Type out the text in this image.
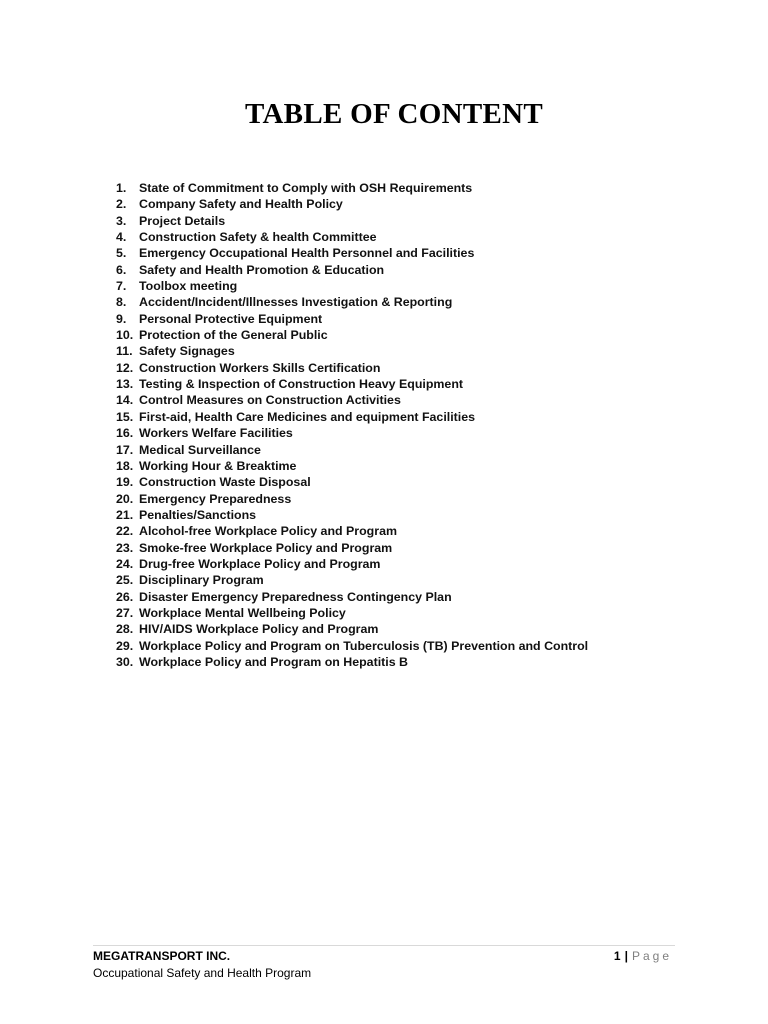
TABLE OF CONTENT
1.	State of Commitment to Comply with OSH Requirements
2.	Company Safety and Health Policy
3.	Project Details
4.	Construction Safety & health Committee
5.	Emergency Occupational Health Personnel and Facilities
6.	Safety and Health Promotion & Education
7.	Toolbox meeting
8.	Accident/Incident/Illnesses Investigation & Reporting
9.	Personal Protective Equipment
10. Protection of the General Public
11. Safety Signages
12. Construction Workers Skills Certification
13. Testing & Inspection of Construction Heavy Equipment
14. Control Measures on Construction Activities
15. First-aid, Health Care Medicines and equipment Facilities
16. Workers Welfare Facilities
17. Medical Surveillance
18. Working Hour & Breaktime
19. Construction Waste Disposal
20. Emergency Preparedness
21. Penalties/Sanctions
22. Alcohol-free Workplace Policy and Program
23. Smoke-free Workplace Policy and Program
24. Drug-free Workplace Policy and Program
25. Disciplinary Program
26. Disaster Emergency Preparedness Contingency Plan
27. Workplace Mental Wellbeing Policy
28. HIV/AIDS Workplace Policy and Program
29. Workplace Policy and Program on Tuberculosis (TB) Prevention and Control
30. Workplace Policy and Program on Hepatitis B
MEGATRANSPORT INC.
Occupational Safety and Health Program
1 | Page
